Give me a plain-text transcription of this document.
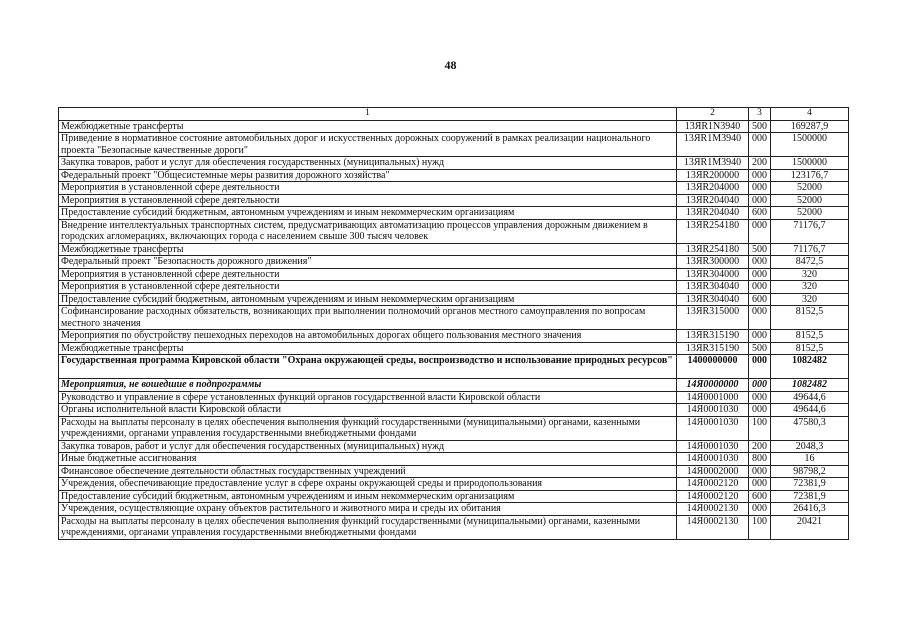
48
1	2	3	4
Межбюджетные трансферты	13ЯR1N3940	500	169287,9
Приведение в нормативное состояние автомобильных дорог и искусственных дорожных сооружений в рамках реализации национального проекта "Безопасные качественные дороги"	13ЯR1M3940	000	1500000
Закупка товаров, работ и услуг для обеспечения государственных (муниципальных) нужд	13ЯR1M3940	200	1500000
Федеральный проект "Общесистемные меры развития дорожного хозяйства"	13ЯR200000	000	123176,7
Мероприятия в установленной сфере деятельности	13ЯR204000	000	52000
Мероприятия в установленной сфере деятельности	13ЯR204040	000	52000
Предоставление субсидий бюджетным, автономным учреждениям и иным некоммерческим организациям	13ЯR204040	600	52000
Внедрение интеллектуальных транспортных систем, предусматривающих автоматизацию процессов управления дорожным движением в городских агломерациях, включающих города с населением свыше 300 тысяч человек	13ЯR254180	000	71176,7
Межбюджетные трансферты	13ЯR254180	500	71176,7
Федеральный проект "Безопасность дорожного движения"	13ЯR300000	000	8472,5
Мероприятия в установленной сфере деятельности	13ЯR304000	000	320
Мероприятия в установленной сфере деятельности	13ЯR304040	000	320
Предоставление субсидий бюджетным, автономным учреждениям и иным некоммерческим организациям	13ЯR304040	600	320
Софинансирование расходных обязательств, возникающих при выполнении полномочий органов местного самоуправления по вопросам местного значения	13ЯR315000	000	8152,5
Мероприятия по обустройству пешеходных переходов на автомобильных дорогах общего пользования местного значения	13ЯR315190	000	8152,5
Межбюджетные трансферты	13ЯR315190	500	8152,5
Государственная программа Кировской области "Охрана окружающей среды, воспроизводство и использование природных ресурсов"	1400000000	000	1082482
Мероприятия, не вошедшие в подпрограммы	14Я0000000	000	1082482
Руководство и управление в сфере установленных функций органов государственной власти Кировской области	14Я0001000	000	49644,6
Органы исполнительной власти Кировской области	14Я0001030	000	49644,6
Расходы на выплаты персоналу в целях обеспечения выполнения функций государственными (муниципальными) органами, казенными учреждениями, органами управления государственными внебюджетными фондами	14Я0001030	100	47580,3
Закупка товаров, работ и услуг для обеспечения государственных (муниципальных) нужд	14Я0001030	200	2048,3
Иные бюджетные ассигнования	14Я0001030	800	16
Финансовое обеспечение деятельности областных государственных учреждений	14Я0002000	000	98798,2
Учреждения, обеспечивающие предоставление услуг в сфере охраны окружающей среды и природопользования	14Я0002120	000	72381,9
Предоставление субсидий бюджетным, автономным учреждениям и иным некоммерческим организациям	14Я0002120	600	72381,9
Учреждения, осуществляющие охрану объектов растительного и животного мира и среды их обитания	14Я0002130	000	26416,3
Расходы на выплаты персоналу в целях обеспечения выполнения функций государственными (муниципальными) органами, казенными учреждениями, органами управления государственными внебюджетными фондами	14Я0002130	100	20421
